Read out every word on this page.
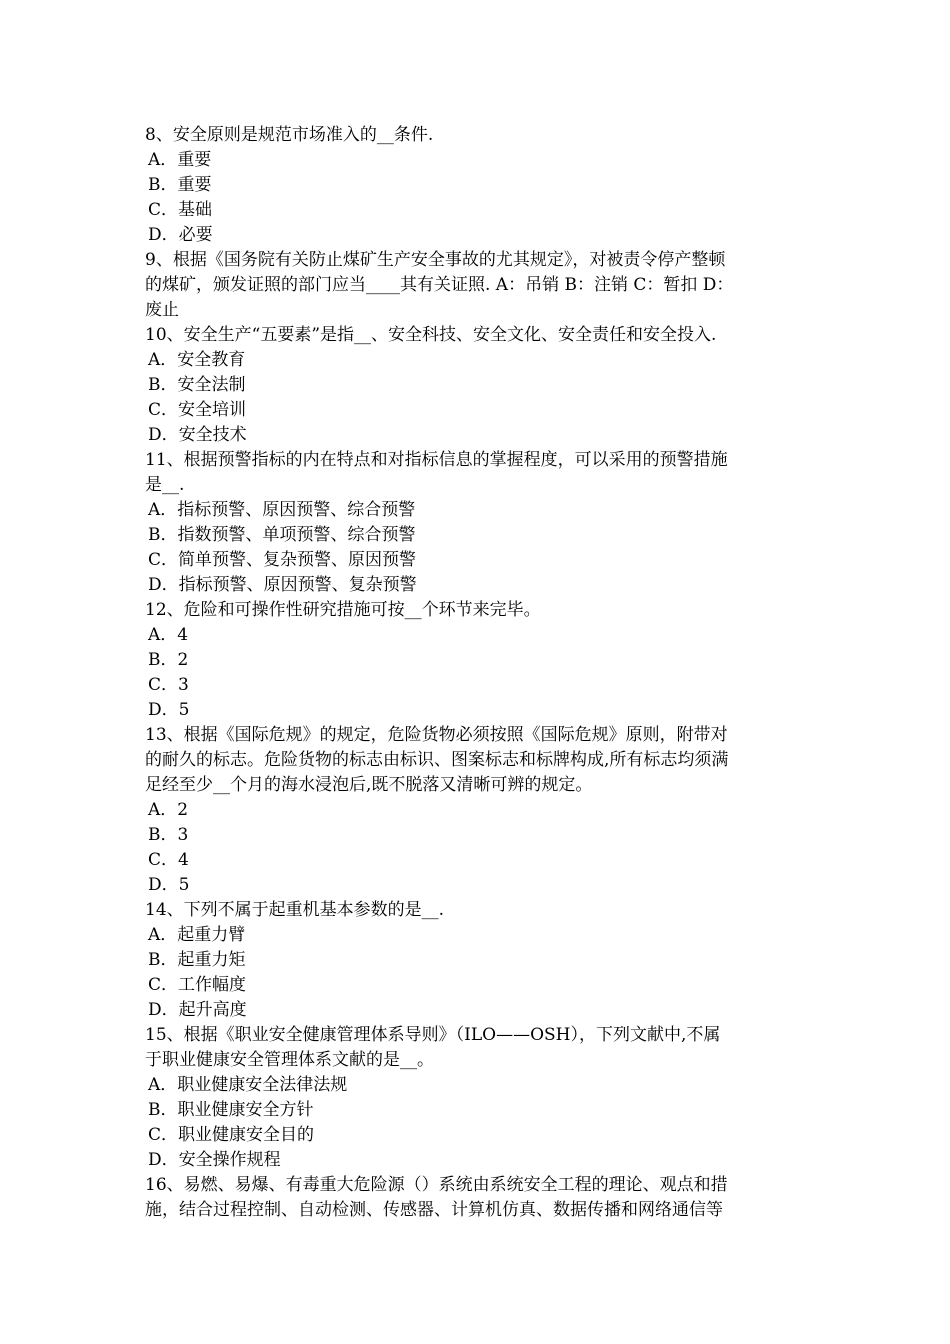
8、安全原则是规范市场准入的__条件.
A．重要
B．重要
C．基础
D．必要
9、根据《国务院有关防止煤矿生产安全事故的尤其规定》，对被责令停产整顿
的煤矿，颁发证照的部门应当____其有关证照. A：吊销 B：注销 C：暂扣 D：
废止
10、安全生产“五要素”是指__、安全科技、安全文化、安全责任和安全投入.
A．安全教育
B．安全法制
C．安全培训
D．安全技术
11、根据预警指标的内在特点和对指标信息的掌握程度，可以采用的预警措施
是__.
A．指标预警、原因预警、综合预警
B．指数预警、单项预警、综合预警
C．简单预警、复杂预警、原因预警
D．指标预警、原因预警、复杂预警
12、危险和可操作性研究措施可按__个环节来完毕。
A．4
B．2
C．3
D．5
13、根据《国际危规》的规定，危险货物必须按照《国际危规》原则，附带对
的耐久的标志。危险货物的标志由标识、图案标志和标牌构成,所有标志均须满
足经至少__个月的海水浸泡后,既不脱落又清晰可辨的规定。
A．2
B．3
C．4
D．5
14、下列不属于起重机基本参数的是__.
A．起重力臂
B．起重力矩
C．工作幅度
D．起升高度
15、根据《职业安全健康管理体系导则》（ILO——OSH），下列文献中,不属
于职业健康安全管理体系文献的是__。
A．职业健康安全法律法规
B．职业健康安全方针
C．职业健康安全目的
D．安全操作规程
16、易燃、易爆、有毒重大危险源（）系统由系统安全工程的理论、观点和措
施，结合过程控制、自动检测、传感器、计算机仿真、数据传播和网络通信等
